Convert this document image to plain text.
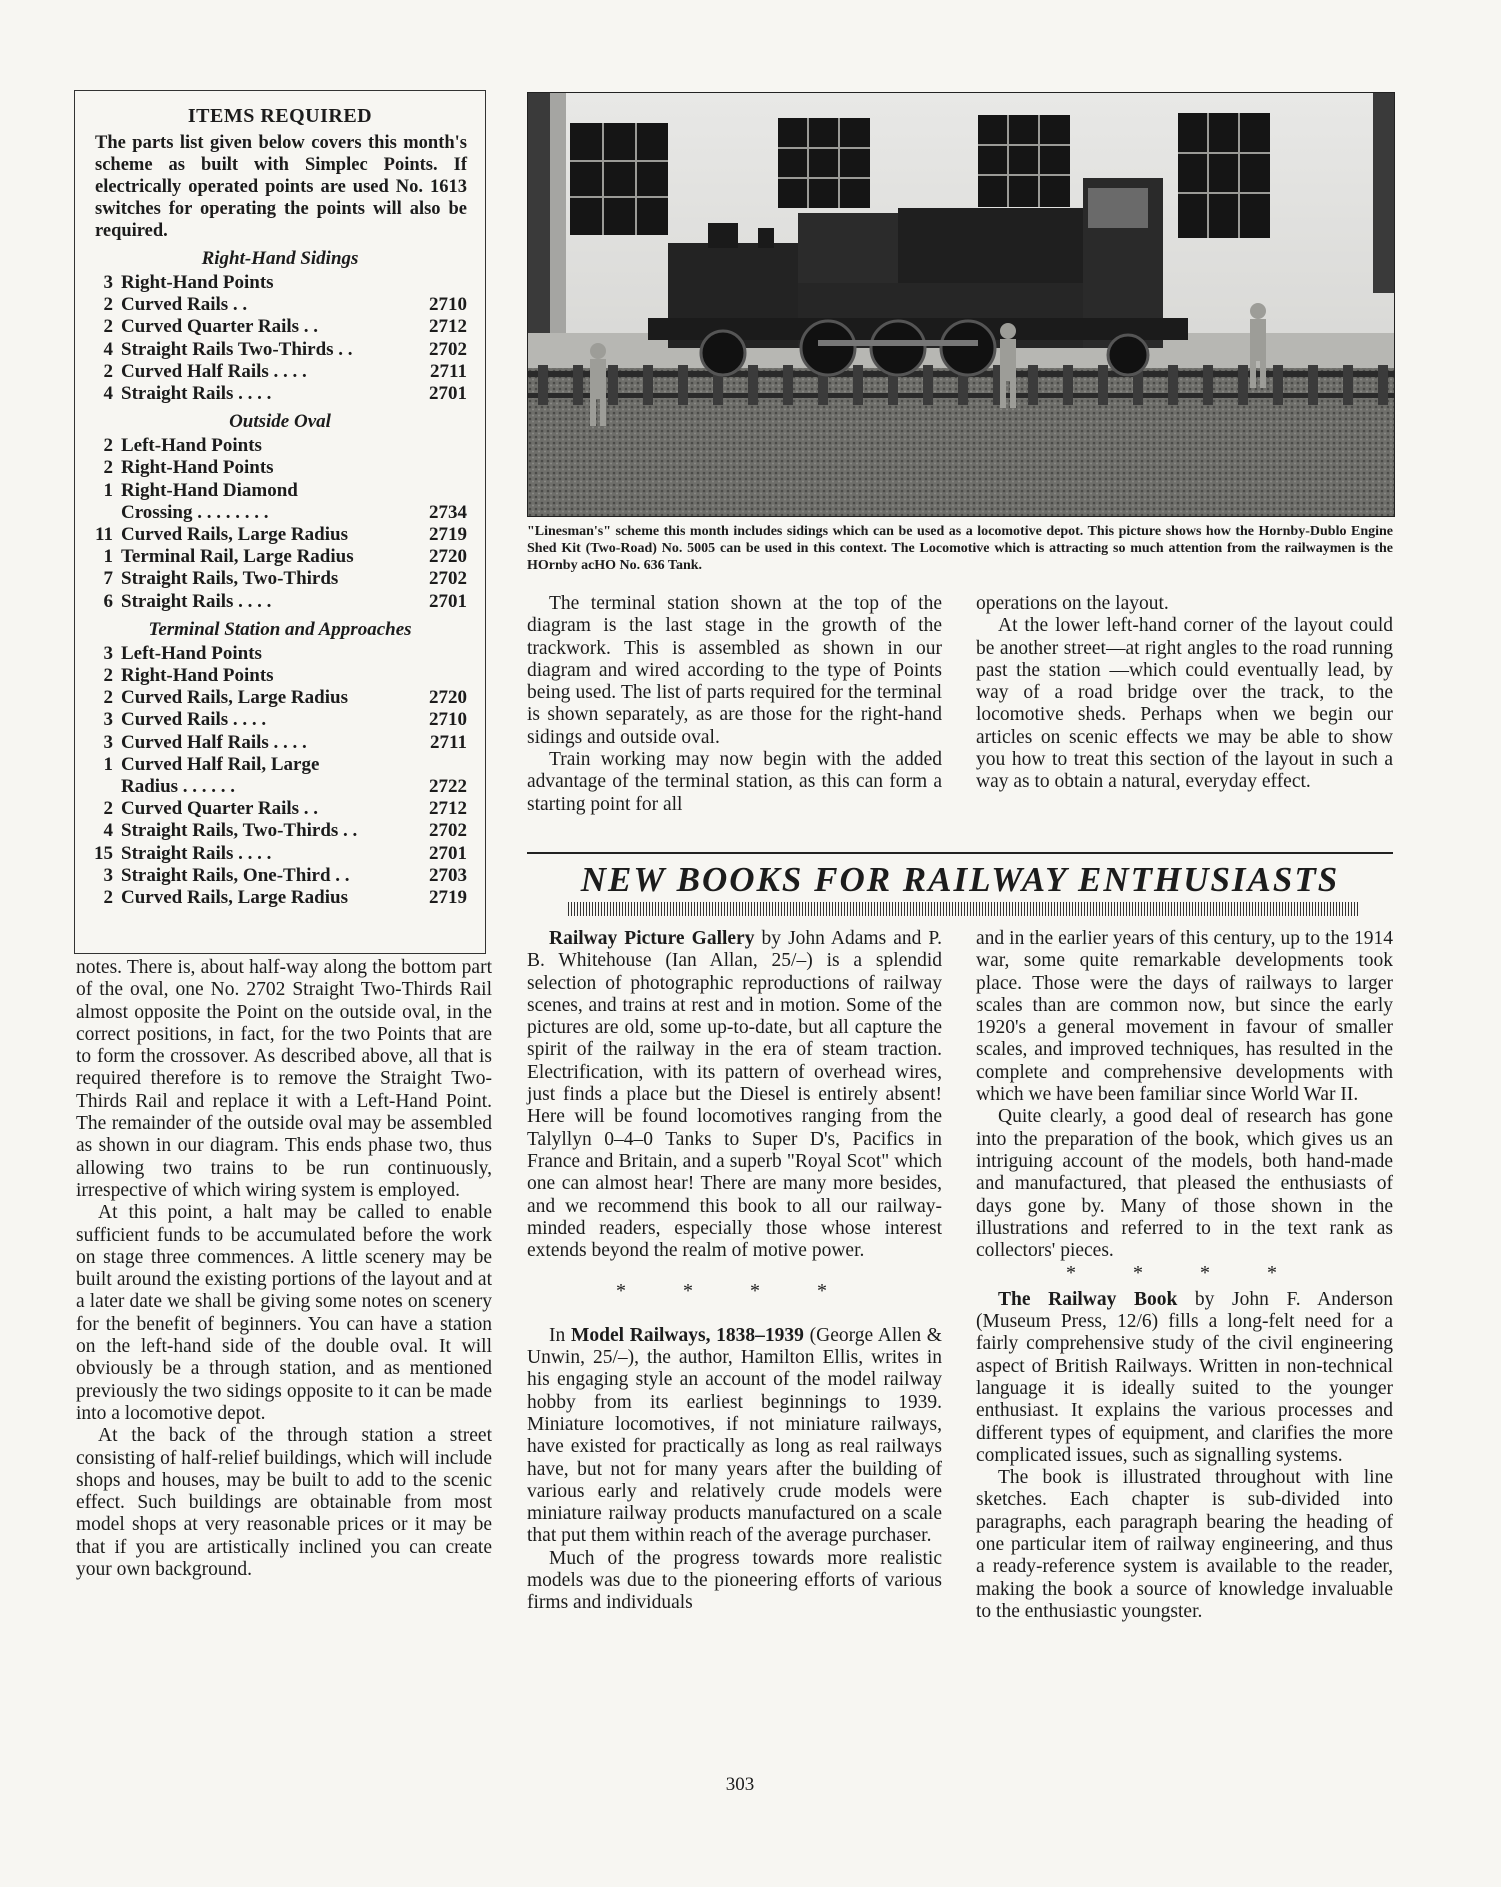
ITEMS REQUIRED
The parts list given below covers this month's scheme as built with Simplec Points. If electrically operated points are used No. 1613 switches for operating the points will also be required.
Right-Hand Sidings
3 Right-Hand Points
2 Curved Rails . .	2710
2 Curved Quarter Rails . .	2712
4 Straight Rails Two-Thirds . .	2702
2 Curved Half Rails . . . .	2711
4 Straight Rails . . . .	2701
Outside Oval
2 Left-Hand Points
2 Right-Hand Points
1 Right-Hand Diamond
Crossing . . . . . . . .	2734
11 Curved Rails, Large Radius	2719
1 Terminal Rail, Large Radius	2720
7 Straight Rails, Two-Thirds	2702
6 Straight Rails . . . .	2701
Terminal Station and Approaches
3 Left-Hand Points
2 Right-Hand Points
2 Curved Rails, Large Radius	2720
3 Curved Rails . . . .	2710
3 Curved Half Rails . . . .	2711
1 Curved Half Rail, Large
Radius . . . . . .	2722
2 Curved Quarter Rails . .	2712
4 Straight Rails, Two-Thirds . .	2702
15 Straight Rails . . . .	2701
3 Straight Rails, One-Third . .	2703
2 Curved Rails, Large Radius	2719

notes. There is, about half-way along the bottom part of the oval, one No. 2702 Straight Two-Thirds Rail almost opposite the Point on the outside oval, in the correct positions, in fact, for the two Points that are to form the crossover. As described above, all that is required therefore is to remove the Straight Two-Thirds Rail and replace it with a Left-Hand Point. The remainder of the outside oval may be assembled as shown in our diagram. This ends phase two, thus allowing two trains to be run continuously, irrespective of which wiring system is employed.

At this point, a halt may be called to enable sufficient funds to be accumulated before the work on stage three commences. A little scenery may be built around the existing portions of the layout and at a later date we shall be giving some notes on scenery for the benefit of beginners. You can have a station on the left-hand side of the double oval. It will obviously be a through station, and as mentioned previously the two sidings opposite to it can be made into a locomotive depot.

At the back of the through station a street consisting of half-relief buildings, which will include shops and houses, may be built to add to the scenic effect. Such buildings are obtainable from most model shops at very reasonable prices or it may be that if you are artistically inclined you can create your own background.

"Linesman's" scheme this month includes sidings which can be used as a locomotive depot. This picture shows how the Hornby-Dublo Engine Shed Kit (Two-Road) No. 5005 can be used in this context. The Locomotive which is attracting so much attention from the railwaymen is the HOrnby acHO No. 636 Tank.

The terminal station shown at the top of the diagram is the last stage in the growth of the trackwork. This is assembled as shown in our diagram and wired according to the type of Points being used. The list of parts required for the terminal is shown separately, as are those for the right-hand sidings and outside oval.

Train working may now begin with the added advantage of the terminal station, as this can form a starting point for all

operations on the layout.

At the lower left-hand corner of the layout could be another street—at right angles to the road running past the station —which could eventually lead, by way of a road bridge over the track, to the locomotive sheds. Perhaps when we begin our articles on scenic effects we may be able to show you how to treat this section of the layout in such a way as to obtain a natural, everyday effect.

NEW BOOKS FOR RAILWAY ENTHUSIASTS

Railway Picture Gallery by John Adams and P. B. Whitehouse (Ian Allan, 25/–) is a splendid selection of photographic reproductions of railway scenes, and trains at rest and in motion. Some of the pictures are old, some up-to-date, but all capture the spirit of the railway in the era of steam traction. Electrification, with its pattern of overhead wires, just finds a place but the Diesel is entirely absent! Here will be found locomotives ranging from the Talyllyn 0–4–0 Tanks to Super D's, Pacifics in France and Britain, and a superb "Royal Scot" which one can almost hear! There are many more besides, and we recommend this book to all our railway-minded readers, especially those whose interest extends beyond the realm of motive power.

* * * *

In Model Railways, 1838–1939 (George Allen & Unwin, 25/–), the author, Hamilton Ellis, writes in his engaging style an account of the model railway hobby from its earliest beginnings to 1939. Miniature locomotives, if not miniature railways, have existed for practically as long as real railways have, but not for many years after the building of various early and relatively crude models were miniature railway products manufactured on a scale that put them within reach of the average purchaser.

Much of the progress towards more realistic models was due to the pioneering efforts of various firms and individuals

and in the earlier years of this century, up to the 1914 war, some quite remarkable developments took place. Those were the days of railways to larger scales than are common now, but since the early 1920's a general movement in favour of smaller scales, and improved techniques, has resulted in the complete and comprehensive developments with which we have been familiar since World War II.

Quite clearly, a good deal of research has gone into the preparation of the book, which gives us an intriguing account of the models, both hand-made and manufactured, that pleased the enthusiasts of days gone by. Many of those shown in the illustrations and referred to in the text rank as collectors' pieces.

* * * *

The Railway Book by John F. Anderson (Museum Press, 12/6) fills a long-felt need for a fairly comprehensive study of the civil engineering aspect of British Railways. Written in non-technical language it is ideally suited to the younger enthusiast. It explains the various processes and different types of equipment, and clarifies the more complicated issues, such as signalling systems.

The book is illustrated throughout with line sketches. Each chapter is sub-divided into paragraphs, each paragraph bearing the heading of one particular item of railway engineering, and thus a ready-reference system is available to the reader, making the book a source of knowledge invaluable to the enthusiastic youngster.

303
